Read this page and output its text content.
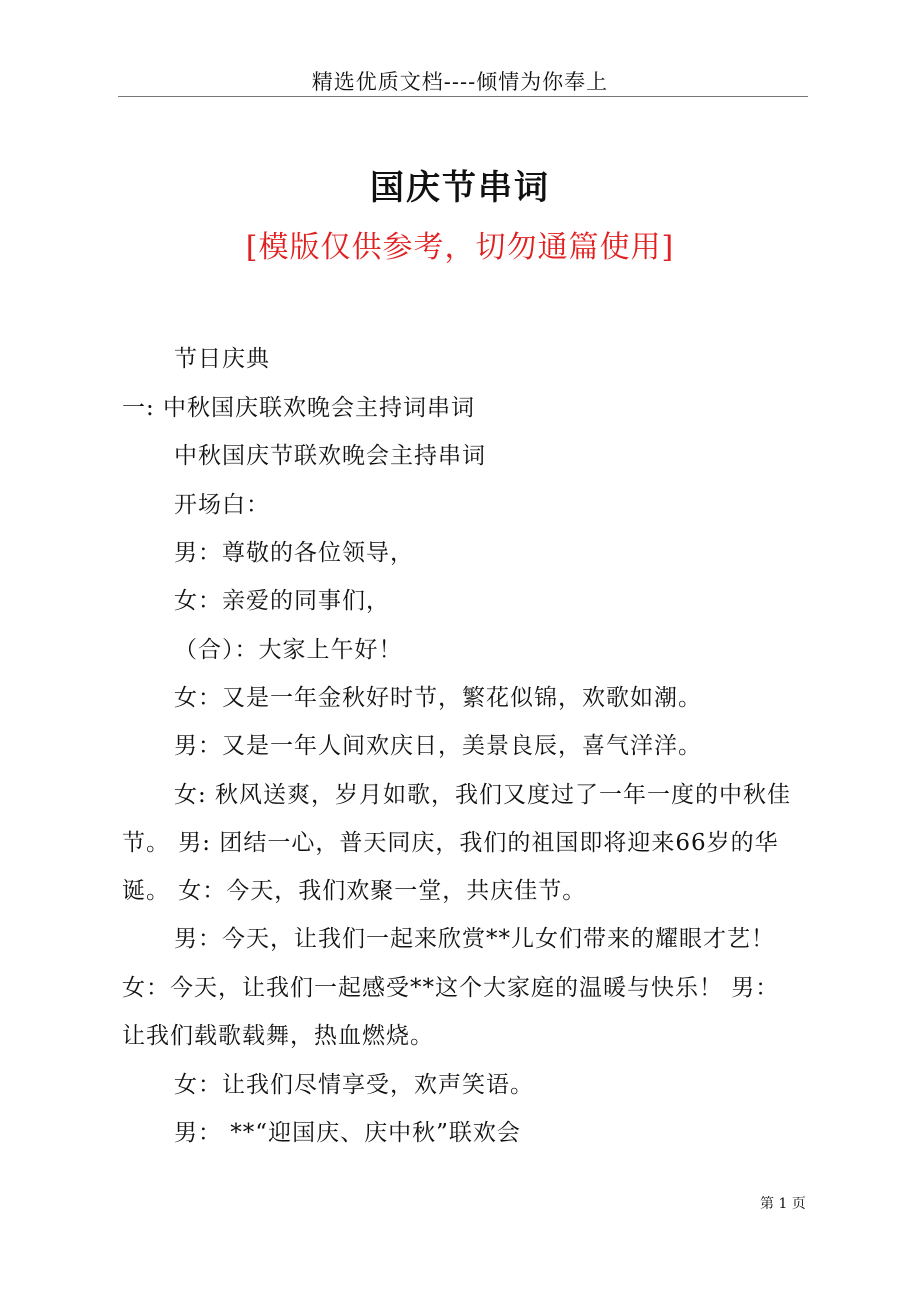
精选优质文档----倾情为你奉上
国庆节串词
[模版仅供参考，切勿通篇使用]
节日庆典
一: 中秋国庆联欢晚会主持词串词
中秋国庆节联欢晚会主持串词
开场白：
男：尊敬的各位领导，
女：亲爱的同事们，
（合）：大家上午好！
女：又是一年金秋好时节，繁花似锦，欢歌如潮。
男：又是一年人间欢庆日，美景良辰，喜气洋洋。
女: 秋风送爽，岁月如歌，我们又度过了一年一度的中秋佳
节。 男: 团结一心，普天同庆，我们的祖国即将迎来66岁的华
诞。 女：今天，我们欢聚一堂，共庆佳节。
男：今天，让我们一起来欣赏**儿女们带来的耀眼才艺！
女：今天，让我们一起感受**这个大家庭的温暖与快乐！ 男：
让我们载歌载舞，热血燃烧。
女：让我们尽情享受，欢声笑语。
男： **“迎国庆、庆中秋”联欢会
第 1 页
